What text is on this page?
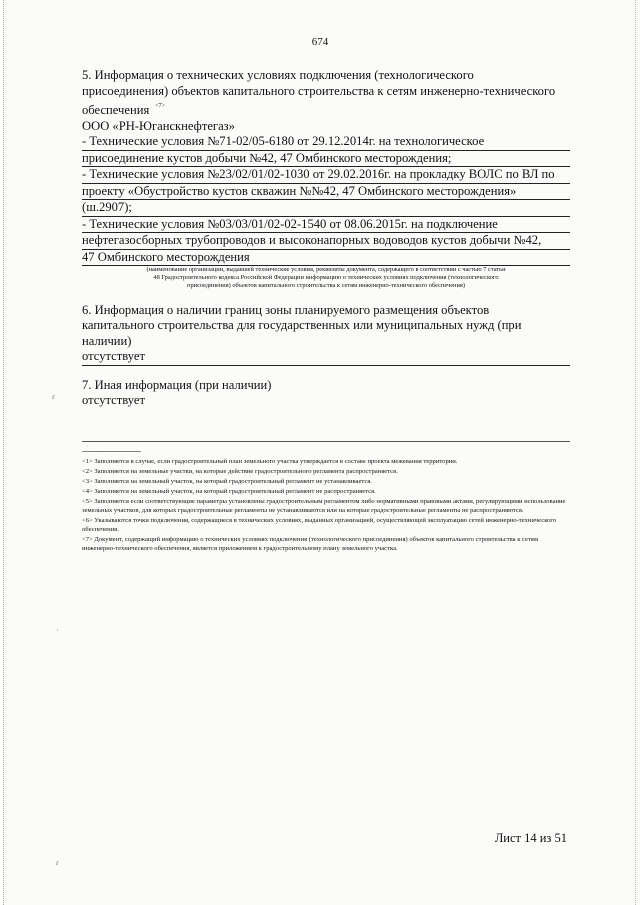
674
5. Информация о технических условиях подключения (технологического
присоединения) объектов капитального строительства к сетям инженерно-технического
обеспечения $^{<7>}$
ООО «РН-Юганскнефтегаз»
- Технические условия №71-02/05-6180 от 29.12.2014г. на технологическое
присоединение кустов добычи №42, 47 Омбинского месторождения;
- Технические условия №23/02/01/02-1030 от 29.02.2016г. на прокладку ВОЛС по ВЛ по
проекту «Обустройство кустов скважин №№42, 47 Омбинского месторождения»
(ш.2907);
- Технические условия №03/03/01/02-02-1540 от 08.06.2015г. на подключение
нефтегазосборных трубопроводов и высоконапорных водоводов кустов добычи №42,
47 Омбинского месторождения
(наименование организации, выдавшей технические условия, реквизиты документа, содержащего в соответствии с частью 7 статьи
48 Градостроительного кодекса Российской Федерации информацию о технических условиях подключения (технологического
присоединения) объектов капитального строительства к сетям инженерно-технического обеспечения)
6. Информация о наличии границ зоны планируемого размещения объектов
капитального строительства для государственных или муниципальных нужд (при
наличии)
отсутствует
7. Иная информация (при наличии)
отсутствует
--------------------------------
<1> Заполняется в случае, если градостроительный план земельного участка утверждается в составе проекта межевания территории.
<2> Заполняется на земельные участки, на которые действие градостроительного регламента распространяется.
<3> Заполняется на земельный участок, на который градостроительный регламент не устанавливается.
<4> Заполняется на земельный участок, на который градостроительный регламент не распространяется.
<5> Заполняется если соответствующие параметры установлены градостроительным регламентом либо нормативными правовыми актами, регулирующими использование земельных участков, для которых градостроительные регламенты не устанавливаются или на которые градостроительные регламенты не распространяются.
<6> Указываются точки подключения, содержащиеся в технических условиях, выданных организацией, осуществляющей эксплуатацию сетей инженерно-технического обеспечения.
<7> Документ, содержащий информацию о технических условиях подключения (технологического присоединения) объектов капитального строительства к сетям инженерно-технического обеспечения, является приложением к градостроительному плану земельного участка.
Лист 14 из 51
ɾ
ˌ
ɾ
